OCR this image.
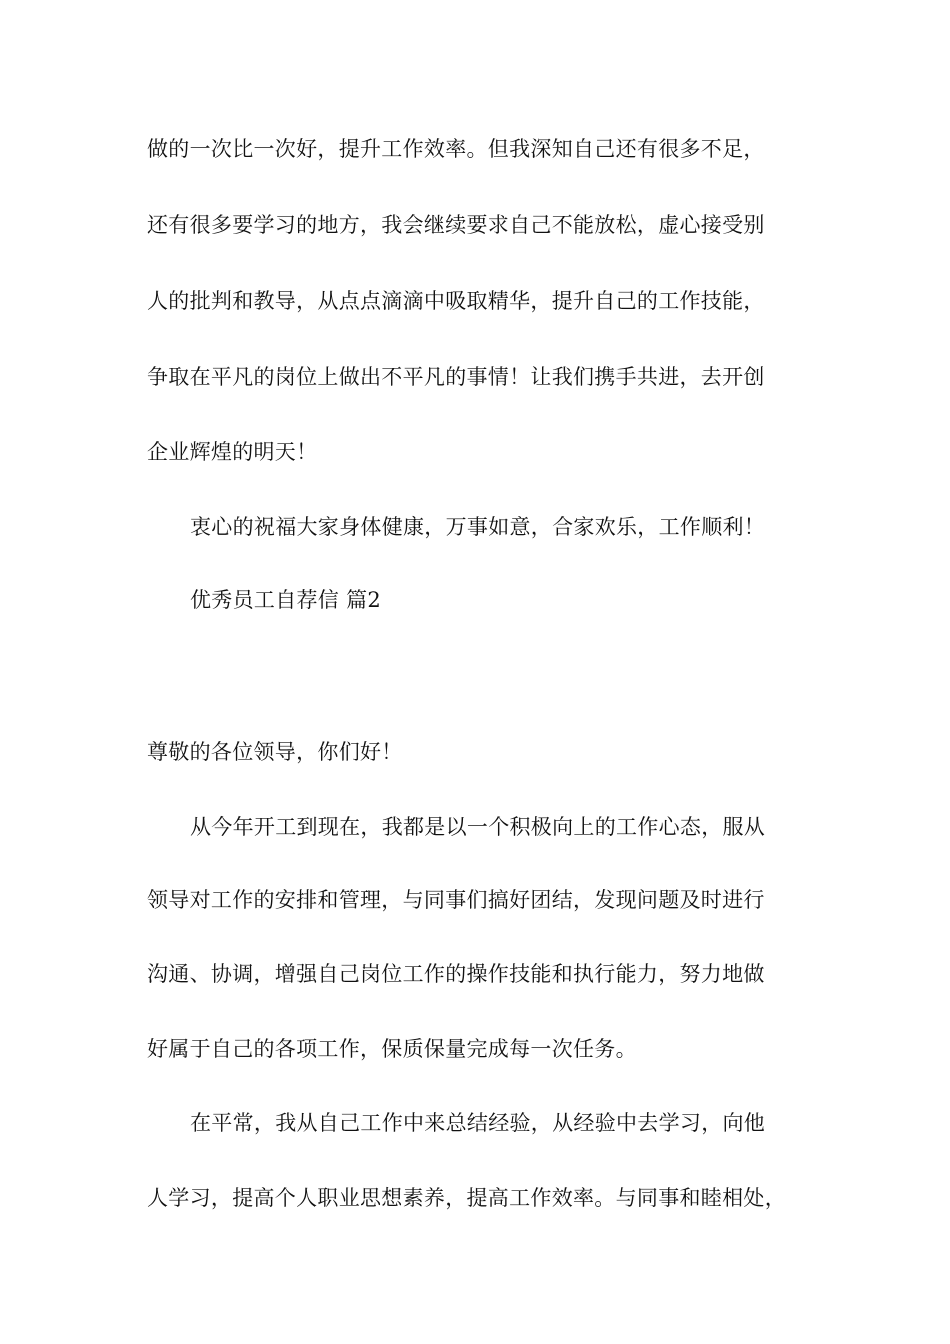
做的一次比一次好，提升工作效率。但我深知自己还有很多不足，
还有很多要学习的地方，我会继续要求自己不能放松，虚心接受别
人的批判和教导，从点点滴滴中吸取精华，提升自己的工作技能，
争取在平凡的岗位上做出不平凡的事情！让我们携手共进，去开创
企业辉煌的明天！
衷心的祝福大家身体健康，万事如意，合家欢乐，工作顺利！
优秀员工自荐信 篇2
尊敬的各位领导，你们好！
从今年开工到现在，我都是以一个积极向上的工作心态，服从
领导对工作的安排和管理，与同事们搞好团结，发现问题及时进行
沟通、协调，增强自己岗位工作的操作技能和执行能力，努力地做
好属于自己的各项工作，保质保量完成每一次任务。
在平常，我从自己工作中来总结经验，从经验中去学习，向他
人学习，提高个人职业思想素养，提高工作效率。与同事和睦相处，
